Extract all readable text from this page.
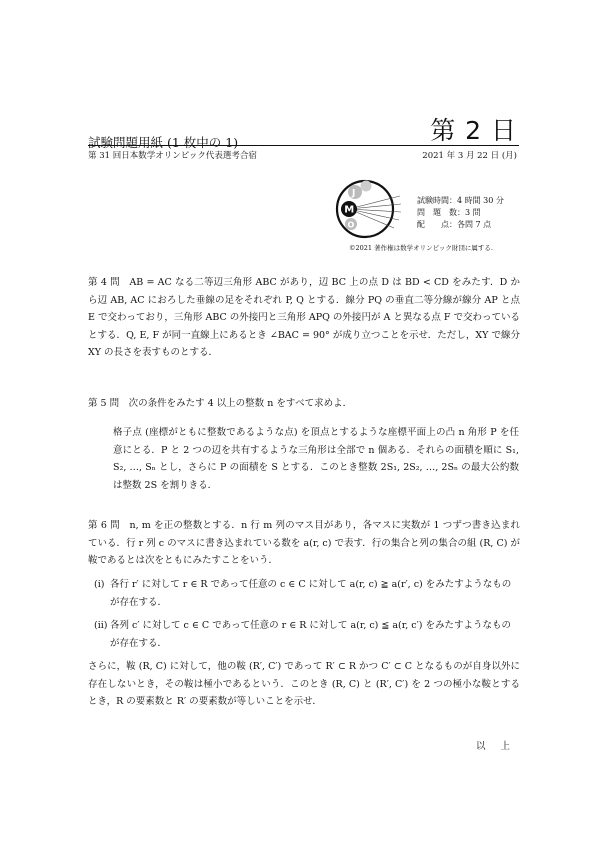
試験問題用紙 (1 枚中の 1)	第 2 日
第 31 回日本数学オリンピック代表選考合宿	2021 年 3 月 22 日 (月)
J
M
O
試験時間：4 時間 30 分
問　題　数：3 問
配　　点：各問 7 点
©2021 著作権は数学オリンピック財団に属する.
第 4 問　AB = AC なる二等辺三角形 ABC があり，辺 BC 上の点 D は BD < CD をみたす．D から辺 AB, AC におろした垂線の足をそれぞれ P, Q とする．線分 PQ の垂直二等分線が線分 AP と点 E で交わっており，三角形 ABC の外接円と三角形 APQ の外接円が A と異なる点 F で交わっているとする．Q, E, F が同一直線上にあるとき ∠BAC = 90° が成り立つことを示せ．ただし，XY で線分 XY の長さを表すものとする．
第 5 問　次の条件をみたす 4 以上の整数 n をすべて求めよ．
格子点 (座標がともに整数であるような点) を頂点とするような座標平面上の凸 n 角形 P を任意にとる．P と 2 つの辺を共有するような三角形は全部で n 個ある．それらの面積を順に S₁, S₂, …, Sₙ とし，さらに P の面積を S とする．このとき整数 2S₁, 2S₂, …, 2Sₙ の最大公約数は整数 2S を割りきる．
第 6 問　n, m を正の整数とする．n 行 m 列のマス目があり，各マスに実数が 1 つずつ書き込まれている．行 r 列 c のマスに書き込まれている数を a(r, c) で表す．行の集合と列の集合の組 (R, C) が鞍であるとは次をともにみたすことをいう．
(i) 各行 r′ に対して r ∈ R であって任意の c ∈ C に対して a(r, c) ≧ a(r′, c) をみたすようなものが存在する．
(ii) 各列 c′ に対して c ∈ C であって任意の r ∈ R に対して a(r, c) ≦ a(r, c′) をみたすようなものが存在する．
さらに，鞍 (R, C) に対して，他の鞍 (R′, C′) であって R′ ⊂ R かつ C′ ⊂ C となるものが自身以外に存在しないとき，その鞍は極小であるという．このとき (R, C) と (R′, C′) を 2 つの極小な鞍とするとき，R の要素数と R′ の要素数が等しいことを示せ．
以 上
